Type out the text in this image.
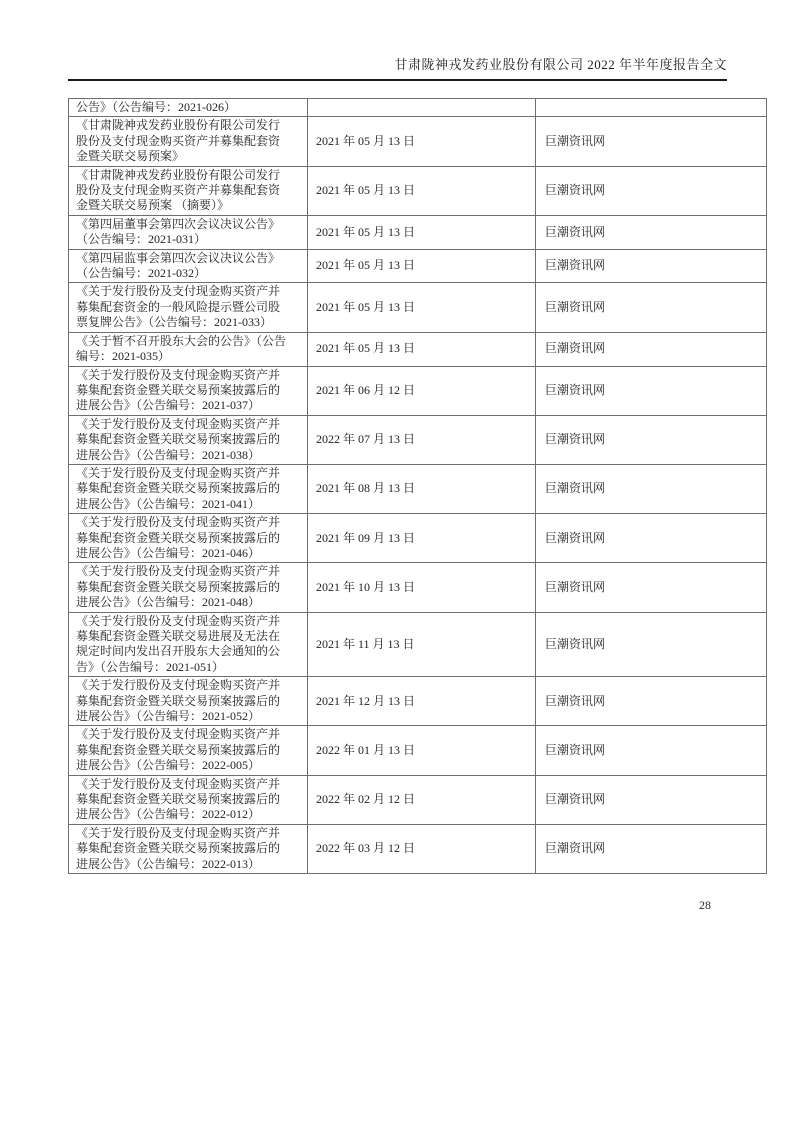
甘肃陇神戎发药业股份有限公司 2022 年半年度报告全文
公告》（公告编号：2021-026）		
《甘肃陇神戎发药业股份有限公司发行股份及支付现金购买资产并募集配套资金暨关联交易预案》	2021 年 05 月 13 日	巨潮资讯网
《甘肃陇神戎发药业股份有限公司发行股份及支付现金购买资产并募集配套资金暨关联交易预案 （摘要）》	2021 年 05 月 13 日	巨潮资讯网
《第四届董事会第四次会议决议公告》（公告编号：2021-031）	2021 年 05 月 13 日	巨潮资讯网
《第四届监事会第四次会议决议公告》（公告编号：2021-032）	2021 年 05 月 13 日	巨潮资讯网
《关于发行股份及支付现金购买资产并募集配套资金的一般风险提示暨公司股票复牌公告》（公告编号：2021-033）	2021 年 05 月 13 日	巨潮资讯网
《关于暂不召开股东大会的公告》（公告编号：2021-035）	2021 年 05 月 13 日	巨潮资讯网
《关于发行股份及支付现金购买资产并募集配套资金暨关联交易预案披露后的进展公告》（公告编号：2021-037）	2021 年 06 月 12 日	巨潮资讯网
《关于发行股份及支付现金购买资产并募集配套资金暨关联交易预案披露后的进展公告》（公告编号：2021-038）	2022 年 07 月 13 日	巨潮资讯网
《关于发行股份及支付现金购买资产并募集配套资金暨关联交易预案披露后的进展公告》（公告编号：2021-041）	2021 年 08 月 13 日	巨潮资讯网
《关于发行股份及支付现金购买资产并募集配套资金暨关联交易预案披露后的进展公告》（公告编号：2021-046）	2021 年 09 月 13 日	巨潮资讯网
《关于发行股份及支付现金购买资产并募集配套资金暨关联交易预案披露后的进展公告》（公告编号：2021-048）	2021 年 10 月 13 日	巨潮资讯网
《关于发行股份及支付现金购买资产并募集配套资金暨关联交易进展及无法在规定时间内发出召开股东大会通知的公告》（公告编号：2021-051）	2021 年 11 月 13 日	巨潮资讯网
《关于发行股份及支付现金购买资产并募集配套资金暨关联交易预案披露后的进展公告》（公告编号：2021-052）	2021 年 12 月 13 日	巨潮资讯网
《关于发行股份及支付现金购买资产并募集配套资金暨关联交易预案披露后的进展公告》（公告编号：2022-005）	2022 年 01 月 13 日	巨潮资讯网
《关于发行股份及支付现金购买资产并募集配套资金暨关联交易预案披露后的进展公告》（公告编号：2022-012）	2022 年 02 月 12 日	巨潮资讯网
《关于发行股份及支付现金购买资产并募集配套资金暨关联交易预案披露后的进展公告》（公告编号：2022-013）	2022 年 03 月 12 日	巨潮资讯网
28
